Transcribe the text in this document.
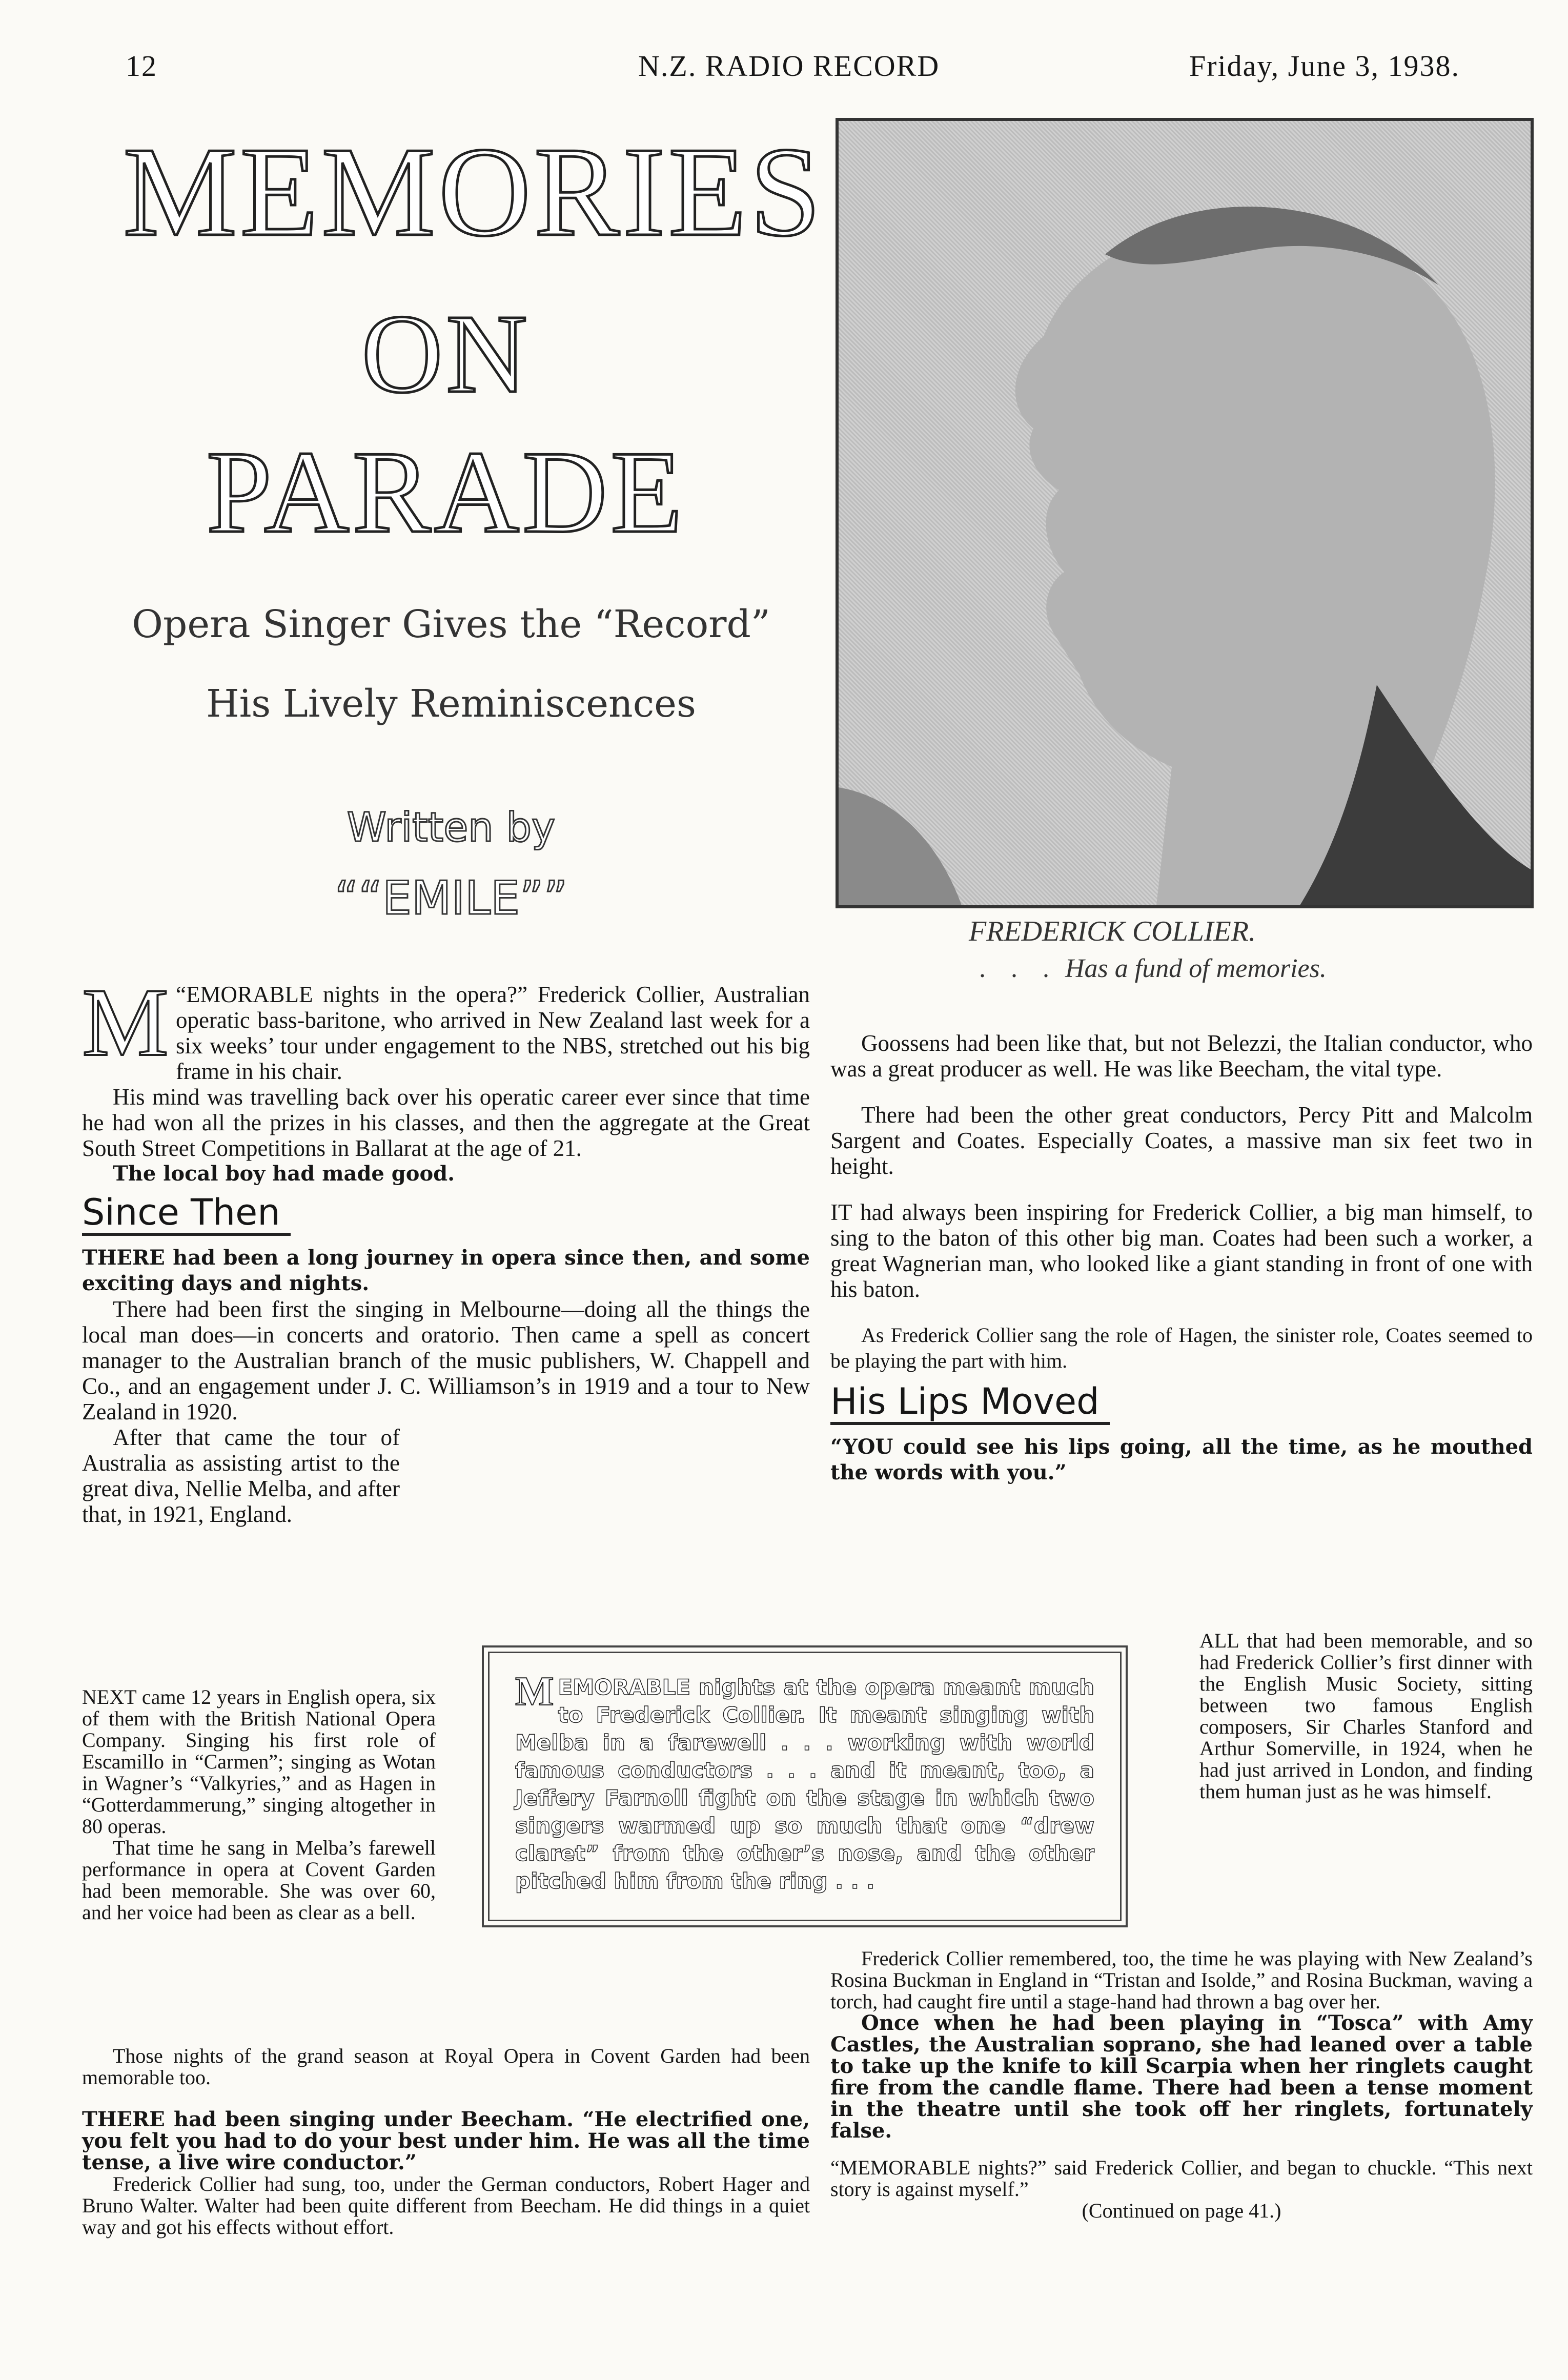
12	N.Z. RADIO RECORD	Friday, June 3, 1938.
MEMORIES
ON
PARADE
Opera Singer Gives the “Record”
His Lively Reminiscences
Written by
““EMILE””
FREDERICK COLLIER.
. . . Has a fund of memories.

M “EMORABLE nights in the opera?” Frederick Collier, Australian operatic bass-baritone, who arrived in New Zealand last week for a six weeks’ tour under engagement to the NBS, stretched out his big frame in his chair.

His mind was travelling back over his operatic career ever since that time he had won all the prizes in his classes, and then the aggregate at the Great South Street Competitions in Ballarat at the age of 21.

The local boy had made good.

Since Then

THERE had been a long journey in opera since then, and some exciting days and nights.

There had been first the singing in Melbourne—doing all the things the local man does—in concerts and oratorio. Then came a spell as concert manager to the Australian branch of the music publishers, W. Chappell and Co., and an engagement under J. C. Williamson’s in 1919 and a tour to New Zealand in 1920.

After that came the tour of Australia as assisting artist to the great diva, Nellie Melba, and after that, in 1921, England.

NEXT came 12 years in English opera, six of them with the British National Opera Company. Singing his first role of Escamillo in “Carmen”; singing as Wotan in Wagner’s “Valkyries,” and as Hagen in “Gotterdammerung,” singing altogether in 80 operas.

That time he sang in Melba’s farewell performance in opera at Covent Garden had been memorable. She was over 60, and her voice had been as clear as a bell.

Those nights of the grand season at Royal Opera in Covent Garden had been memorable too.

THERE had been singing under Beecham. “He electrified one, you felt you had to do your best under him. He was all the time tense, a live wire conductor.”

Frederick Collier had sung, too, under the German conductors, Robert Hager and Bruno Walter. Walter had been quite different from Beecham. He did things in a quiet way and got his effects without effort.

MEMORABLE nights at the opera meant much to Frederick Collier. It meant singing with Melba in a farewell . . . working with world famous conductors . . . and it meant, too, a Jeffery Farnoll fight on the stage in which two singers warmed up so much that one “drew claret” from the other’s nose, and the other pitched him from the ring . . .

Goossens had been like that, but not Belezzi, the Italian conductor, who was a great producer as well. He was like Beecham, the vital type.

There had been the other great conductors, Percy Pitt and Malcolm Sargent and Coates. Especially Coates, a massive man six feet two in height.

IT had always been inspiring for Frederick Collier, a big man himself, to sing to the baton of this other big man. Coates had been such a worker, a great Wagnerian man, who looked like a giant standing in front of one with his baton.

As Frederick Collier sang the role of Hagen, the sinister role, Coates seemed to be playing the part with him.

His Lips Moved

“YOU could see his lips going, all the time, as he mouthed the words with you.”

ALL that had been memorable, and so had Frederick Collier’s first dinner with the English Music Society, sitting between two famous English composers, Sir Charles Stanford and Arthur Somerville, in 1924, when he had just arrived in London, and finding them human just as he was himself.

Frederick Collier remembered, too, the time he was playing with New Zealand’s Rosina Buckman in England in “Tristan and Isolde,” and Rosina Buckman, waving a torch, had caught fire until a stage-hand had thrown a bag over her.

Once when he had been playing in “Tosca” with Amy Castles, the Australian soprano, she had leaned over a table to take up the knife to kill Scarpia when her ringlets caught fire from the candle flame. There had been a tense moment in the theatre until she took off her ringlets, fortunately false.

“MEMORABLE nights?” said Frederick Collier, and began to chuckle. “This next story is against myself.”

(Continued on page 41.)
